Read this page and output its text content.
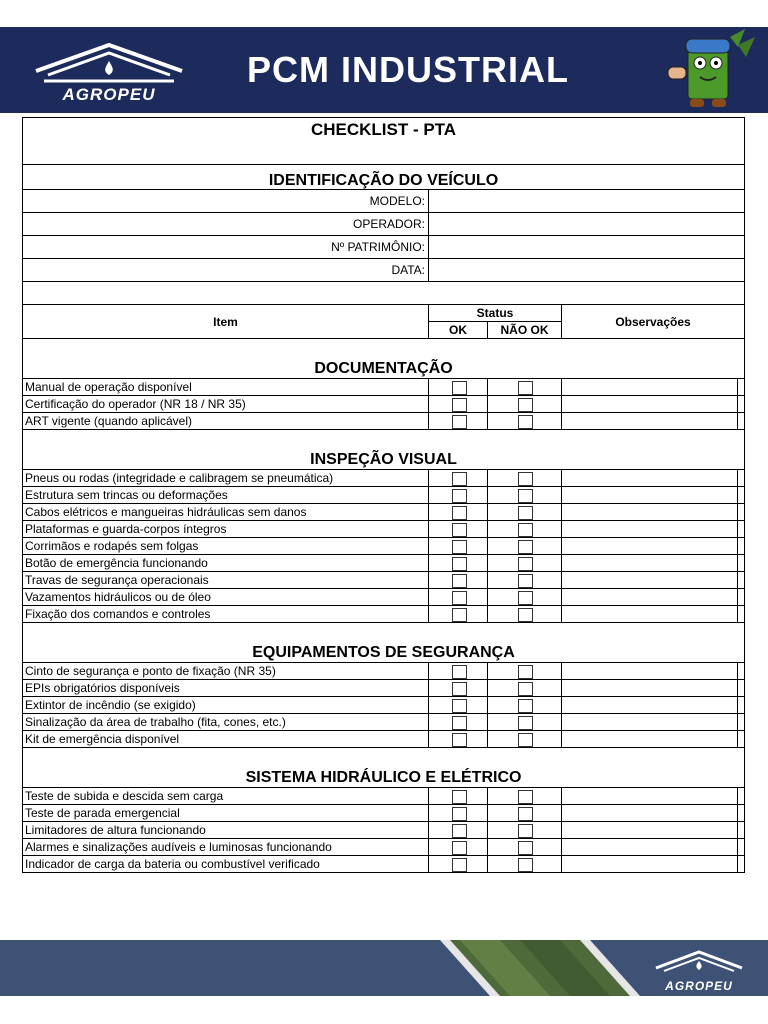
AGROPEU
PCM INDUSTRIAL
CHECKLIST - PTA				
IDENTIFICAÇÃO DO VEÍCULO				
MODELO:				
OPERADOR:				
Nº PATRIMÔNIO:				
DATA:				

Item	Status		Observações	
	OK	NÃO OK		
DOCUMENTAÇÃO				
Manual de operação disponível				
Certificação do operador (NR 18 / NR 35)				
ART vigente (quando aplicável)				
INSPEÇÃO VISUAL				
Pneus ou rodas (integridade e calibragem se pneumática)				
Estrutura sem trincas ou deformações				
Cabos elétricos e mangueiras hidráulicas sem danos				
Plataformas e guarda-corpos íntegros				
Corrimãos e rodapés sem folgas				
Botão de emergência funcionando				
Travas de segurança operacionais				
Vazamentos hidráulicos ou de óleo				
Fixação dos comandos e controles				
EQUIPAMENTOS DE SEGURANÇA				
Cinto de segurança e ponto de fixação (NR 35)				
EPIs obrigatórios disponíveis				
Extintor de incêndio (se exigido)				
Sinalização da área de trabalho (fita, cones, etc.)				
Kit de emergência disponível				
SISTEMA HIDRÁULICO E ELÉTRICO				
Teste de subida e descida sem carga				
Teste de parada emergencial				
Limitadores de altura funcionando				
Alarmes e sinalizações audíveis e luminosas funcionando				
Indicador de carga da bateria ou combustível verificado				
AGROPEU
